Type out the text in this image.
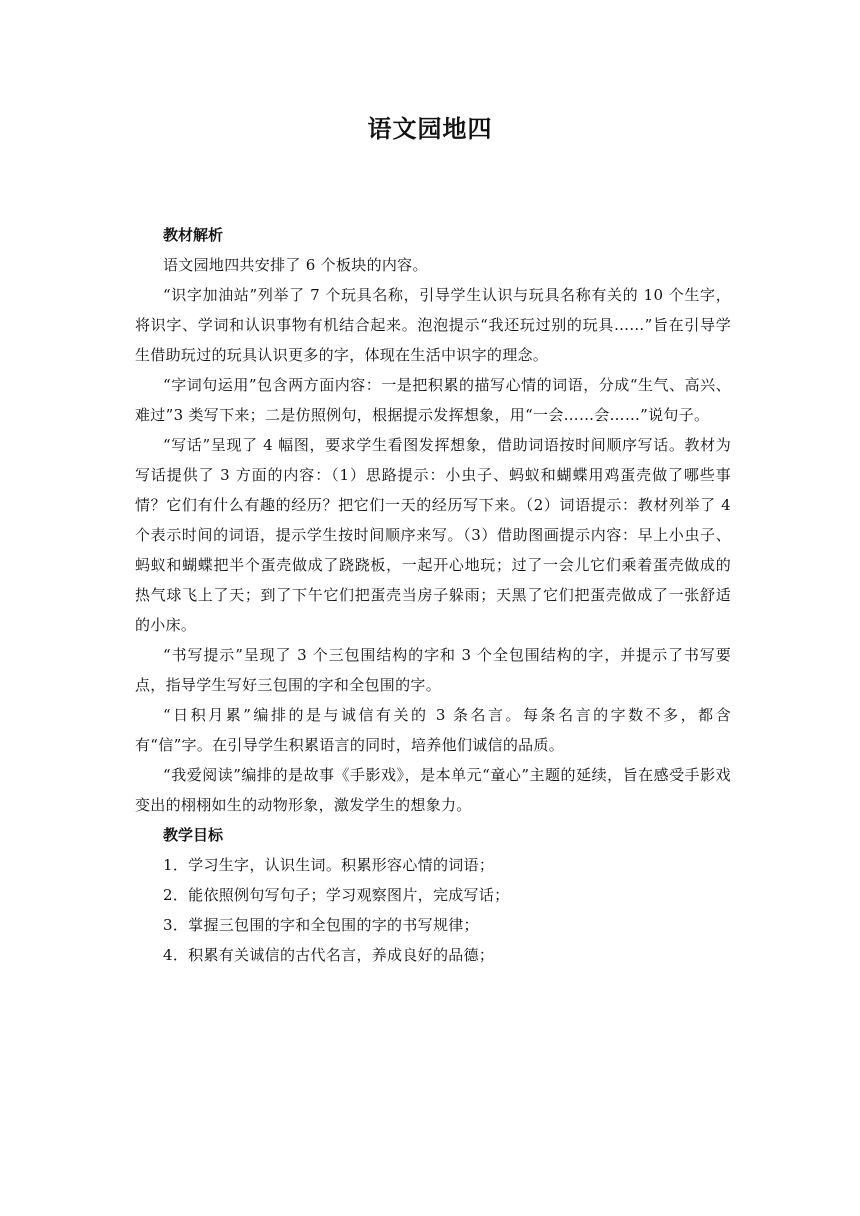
语文园地四
教材解析

语文园地四共安排了 6 个板块的内容。

“识字加油站”列举了 7 个玩具名称，引导学生认识与玩具名称有关的 10 个生字，将识字、学词和认识事物有机结合起来。泡泡提示“我还玩过别的玩具……”旨在引导学生借助玩过的玩具认识更多的字，体现在生活中识字的理念。

“字词句运用”包含两方面内容：一是把积累的描写心情的词语，分成“生气、高兴、难过”3 类写下来；二是仿照例句，根据提示发挥想象，用“一会……会……”说句子。

“写话”呈现了 4 幅图，要求学生看图发挥想象，借助词语按时间顺序写话。教材为写话提供了 3 方面的内容：（1）思路提示：小虫子、蚂蚁和蝴蝶用鸡蛋壳做了哪些事情？它们有什么有趣的经历？把它们一天的经历写下来。（2）词语提示：教材列举了 4 个表示时间的词语，提示学生按时间顺序来写。（3）借助图画提示内容：早上小虫子、蚂蚁和蝴蝶把半个蛋壳做成了跷跷板，一起开心地玩；过了一会儿它们乘着蛋壳做成的热气球飞上了天；到了下午它们把蛋壳当房子躲雨；天黑了它们把蛋壳做成了一张舒适的小床。

“书写提示”呈现了 3 个三包围结构的字和 3 个全包围结构的字，并提示了书写要点，指导学生写好三包围的字和全包围的字。

“日积月累”编排的是与诚信有关的 3 条名言。每条名言的字数不多，都含有“信”字。在引导学生积累语言的同时，培养他们诚信的品质。

“我爱阅读”编排的是故事《手影戏》，是本单元“童心”主题的延续，旨在感受手影戏变出的栩栩如生的动物形象，激发学生的想象力。

教学目标

1．学习生字，认识生词。积累形容心情的词语；

2．能依照例句写句子；学习观察图片，完成写话；

3．掌握三包围的字和全包围的字的书写规律；

4．积累有关诚信的古代名言，养成良好的品德；
